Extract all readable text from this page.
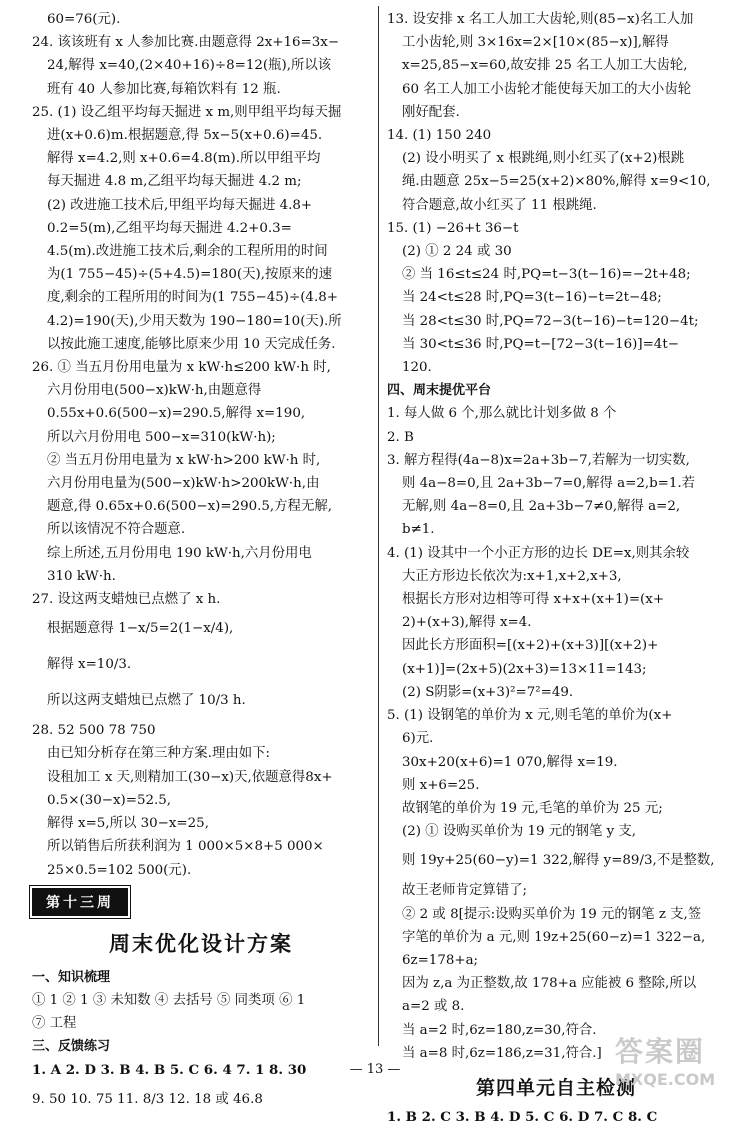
60=76(元).

24. 该该班有 x 人参加比赛.由题意得 2x+16=3x−

24,解得 x=40,(2×40+16)÷8=12(瓶),所以该

班有 40 人参加比赛,每箱饮料有 12 瓶.

25. (1) 设乙组平均每天掘进 x m,则甲组平均每天掘

进(x+0.6)m.根据题意,得 5x−5(x+0.6)=45.

解得 x=4.2,则 x+0.6=4.8(m).所以甲组平均

每天掘进 4.8 m,乙组平均每天掘进 4.2 m;

(2) 改进施工技术后,甲组平均每天掘进 4.8+

0.2=5(m),乙组平均每天掘进 4.2+0.3=

4.5(m).改进施工技术后,剩余的工程所用的时间

为(1 755−45)÷(5+4.5)=180(天),按原来的速

度,剩余的工程所用的时间为(1 755−45)÷(4.8+

4.2)=190(天),少用天数为 190−180=10(天).所

以按此施工速度,能够比原来少用 10 天完成任务.

26. ① 当五月份用电量为 x kW·h≤200 kW·h 时,

六月份用电(500−x)kW·h,由题意得

0.55x+0.6(500−x)=290.5,解得 x=190,

所以六月份用电 500−x=310(kW·h);

② 当五月份用电量为 x kW·h>200 kW·h 时,

六月份用电量为(500−x)kW·h>200kW·h,由

题意,得 0.65x+0.6(500−x)=290.5,方程无解,

所以该情况不符合题意.

综上所述,五月份用电 190 kW·h,六月份用电

310 kW·h.

27. 设这两支蜡烛已点燃了 x h.

根据题意得 1−x/5=2(1−x/4),

解得 x=10/3.

所以这两支蜡烛已点燃了 10/3 h.

28. 52 500 78 750

由已知分析存在第三种方案.理由如下:

设租加工 x 天,则精加工(30−x)天,依题意得8x+

0.5×(30−x)=52.5,

解得 x=5,所以 30−x=25,

所以销售后所获利润为 1 000×5×8+5 000×

25×0.5=102 500(元).

第十三周
周末优化设计方案

一、知识梳理

① 1 ② 1 ③ 未知数 ④ 去括号 ⑤ 同类项 ⑥ 1

⑦ 工程

三、反馈练习

1. A 2. D 3. B 4. B 5. C 6. 4 7. 1 8. 30

9. 50 10. 75 11. 8/3 12. 18 或 46.8

13. 设安排 x 名工人加工大齿轮,则(85−x)名工人加

工小齿轮,则 3×16x=2×[10×(85−x)],解得

x=25,85−x=60,故安排 25 名工人加工大齿轮,

60 名工人加工小齿轮才能使每天加工的大小齿轮

刚好配套.

14. (1) 150 240

(2) 设小明买了 x 根跳绳,则小红买了(x+2)根跳

绳.由题意 25x−5=25(x+2)×80%,解得 x=9<10,

符合题意,故小红买了 11 根跳绳.

15. (1) −26+t 36−t

(2) ① 2 24 或 30

② 当 16≤t≤24 时,PQ=t−3(t−16)=−2t+48;

当 24<t≤28 时,PQ=3(t−16)−t=2t−48;

当 28<t≤30 时,PQ=72−3(t−16)−t=120−4t;

当 30<t≤36 时,PQ=t−[72−3(t−16)]=4t−

120.

四、周末提优平台

1. 每人做 6 个,那么就比计划多做 8 个

2. B

3. 解方程得(4a−8)x=2a+3b−7,若解为一切实数,

则 4a−8=0,且 2a+3b−7=0,解得 a=2,b=1.若

无解,则 4a−8=0,且 2a+3b−7≠0,解得 a=2,

b≠1.

4. (1) 设其中一个小正方形的边长 DE=x,则其余较

大正方形边长依次为:x+1,x+2,x+3,

根据长方形对边相等可得 x+x+(x+1)=(x+

2)+(x+3),解得 x=4.

因此长方形面积=[(x+2)+(x+3)][(x+2)+

(x+1)]=(2x+5)(2x+3)=13×11=143;

(2) S阴影=(x+3)²=7²=49.

5. (1) 设钢笔的单价为 x 元,则毛笔的单价为(x+

6)元.

30x+20(x+6)=1 070,解得 x=19.

则 x+6=25.

故钢笔的单价为 19 元,毛笔的单价为 25 元;

(2) ① 设购买单价为 19 元的钢笔 y 支,

则 19y+25(60−y)=1 322,解得 y=89/3,不是整数,

故王老师肯定算错了;

② 2 或 8[提示:设购买单价为 19 元的钢笔 z 支,签

字笔的单价为 a 元,则 19z+25(60−z)=1 322−a,

6z=178+a;

因为 z,a 为正整数,故 178+a 应能被 6 整除,所以

a=2 或 8.

当 a=2 时,6z=180,z=30,符合.

当 a=8 时,6z=186,z=31,符合.]

第四单元自主检测

1. B 2. C 3. B 4. D 5. C 6. D 7. C 8. C

— 13 —
答案圈
MXQE.COM
